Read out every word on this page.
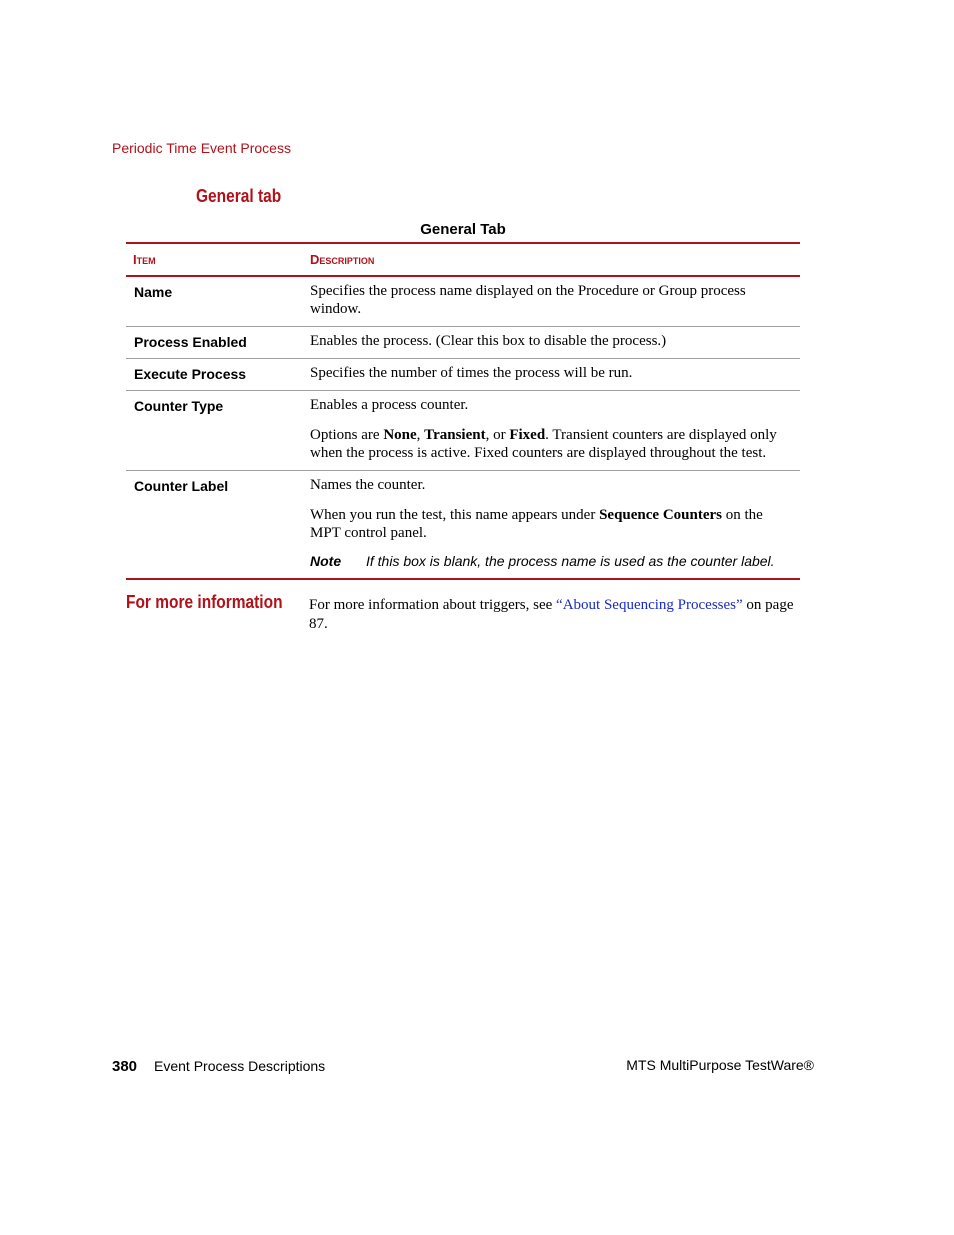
Periodic Time Event Process
General tab
General Tab
Item	Description
Name	Specifies the process name displayed on the Procedure or Group process window.

Process Enabled	Enables the process. (Clear this box to disable the process.)

Execute Process	Specifies the number of times the process will be run.

Counter Type	Enables a process counter.

Options are None, Transient, or Fixed. Transient counters are displayed only when the process is active. Fixed counters are displayed throughout the test.

Counter Label	Names the counter.

When you run the test, this name appears under Sequence Counters on the MPT control panel.

Note If this box is blank, the process name is used as the counter label.
For more information For more information about triggers, see “About Sequencing Processes” on page 87.
380 Event Process Descriptions	MTS MultiPurpose TestWare®
